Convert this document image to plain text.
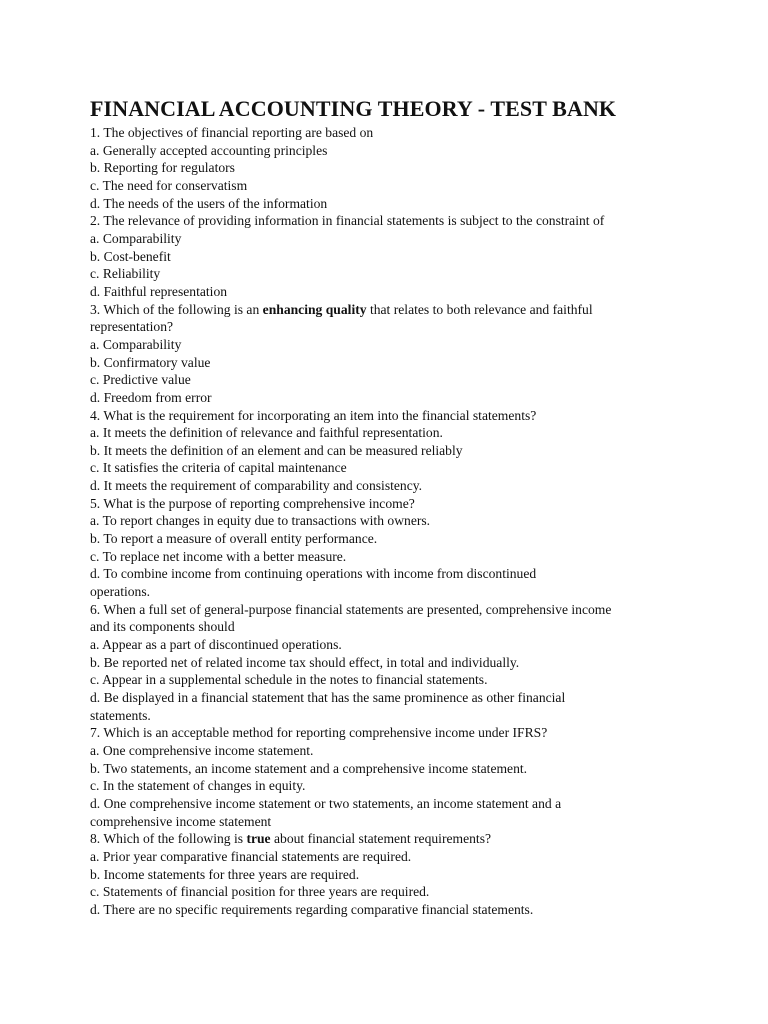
FINANCIAL ACCOUNTING THEORY - TEST BANK
1. The objectives of financial reporting are based on
a. Generally accepted accounting principles
b. Reporting for regulators
c. The need for conservatism
d. The needs of the users of the information
2. The relevance of providing information in financial statements is subject to the constraint of
a. Comparability
b. Cost-benefit
c. Reliability
d. Faithful representation
3. Which of the following is an enhancing quality that relates to both relevance and faithful
representation?
a. Comparability
b. Confirmatory value
c. Predictive value
d. Freedom from error
4. What is the requirement for incorporating an item into the financial statements?
a. It meets the definition of relevance and faithful representation.
b. It meets the definition of an element and can be measured reliably
c. It satisfies the criteria of capital maintenance
d. It meets the requirement of comparability and consistency.
5. What is the purpose of reporting comprehensive income?
a. To report changes in equity due to transactions with owners.
b. To report a measure of overall entity performance.
c. To replace net income with a better measure.
d. To combine income from continuing operations with income from discontinued
operations.
6. When a full set of general-purpose financial statements are presented, comprehensive income
and its components should
a. Appear as a part of discontinued operations.
b. Be reported net of related income tax should effect, in total and individually.
c. Appear in a supplemental schedule in the notes to financial statements.
d. Be displayed in a financial statement that has the same prominence as other financial
statements.
7. Which is an acceptable method for reporting comprehensive income under IFRS?
a. One comprehensive income statement.
b. Two statements, an income statement and a comprehensive income statement.
c. In the statement of changes in equity.
d. One comprehensive income statement or two statements, an income statement and a
comprehensive income statement
8. Which of the following is true about financial statement requirements?
a. Prior year comparative financial statements are required.
b. Income statements for three years are required.
c. Statements of financial position for three years are required.
d. There are no specific requirements regarding comparative financial statements.
